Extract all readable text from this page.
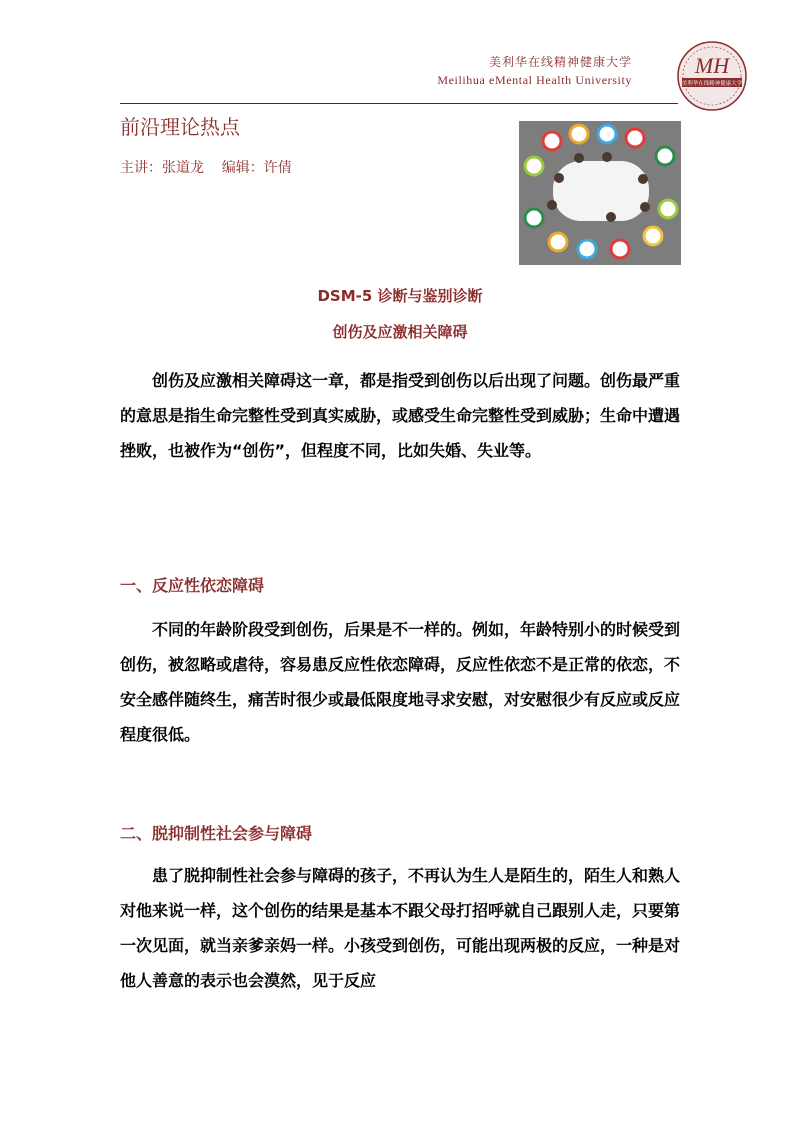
美利华在线精神健康大学
Meilihua eMental Health University
MH
美利华在线精神健康大学
前沿理论热点
主讲：张道龙    编辑：许倩
DSM-5 诊断与鉴别诊断
创伤及应激相关障碍
创伤及应激相关障碍这一章，都是指受到创伤以后出现了问题。创伤最严重的意思是指生命完整性受到真实威胁，或感受生命完整性受到威胁；生命中遭遇挫败，也被作为“创伤”，但程度不同，比如失婚、失业等。
一、反应性依恋障碍
不同的年龄阶段受到创伤，后果是不一样的。例如，年龄特别小的时候受到创伤，被忽略或虐待，容易患反应性依恋障碍，反应性依恋不是正常的依恋，不安全感伴随终生，痛苦时很少或最低限度地寻求安慰，对安慰很少有反应或反应程度很低。
二、脱抑制性社会参与障碍
患了脱抑制性社会参与障碍的孩子，不再认为生人是陌生的，陌生人和熟人对他来说一样，这个创伤的结果是基本不跟父母打招呼就自己跟别人走，只要第一次见面，就当亲爹亲妈一样。小孩受到创伤，可能出现两极的反应，一种是对他人善意的表示也会漠然，见于反应
